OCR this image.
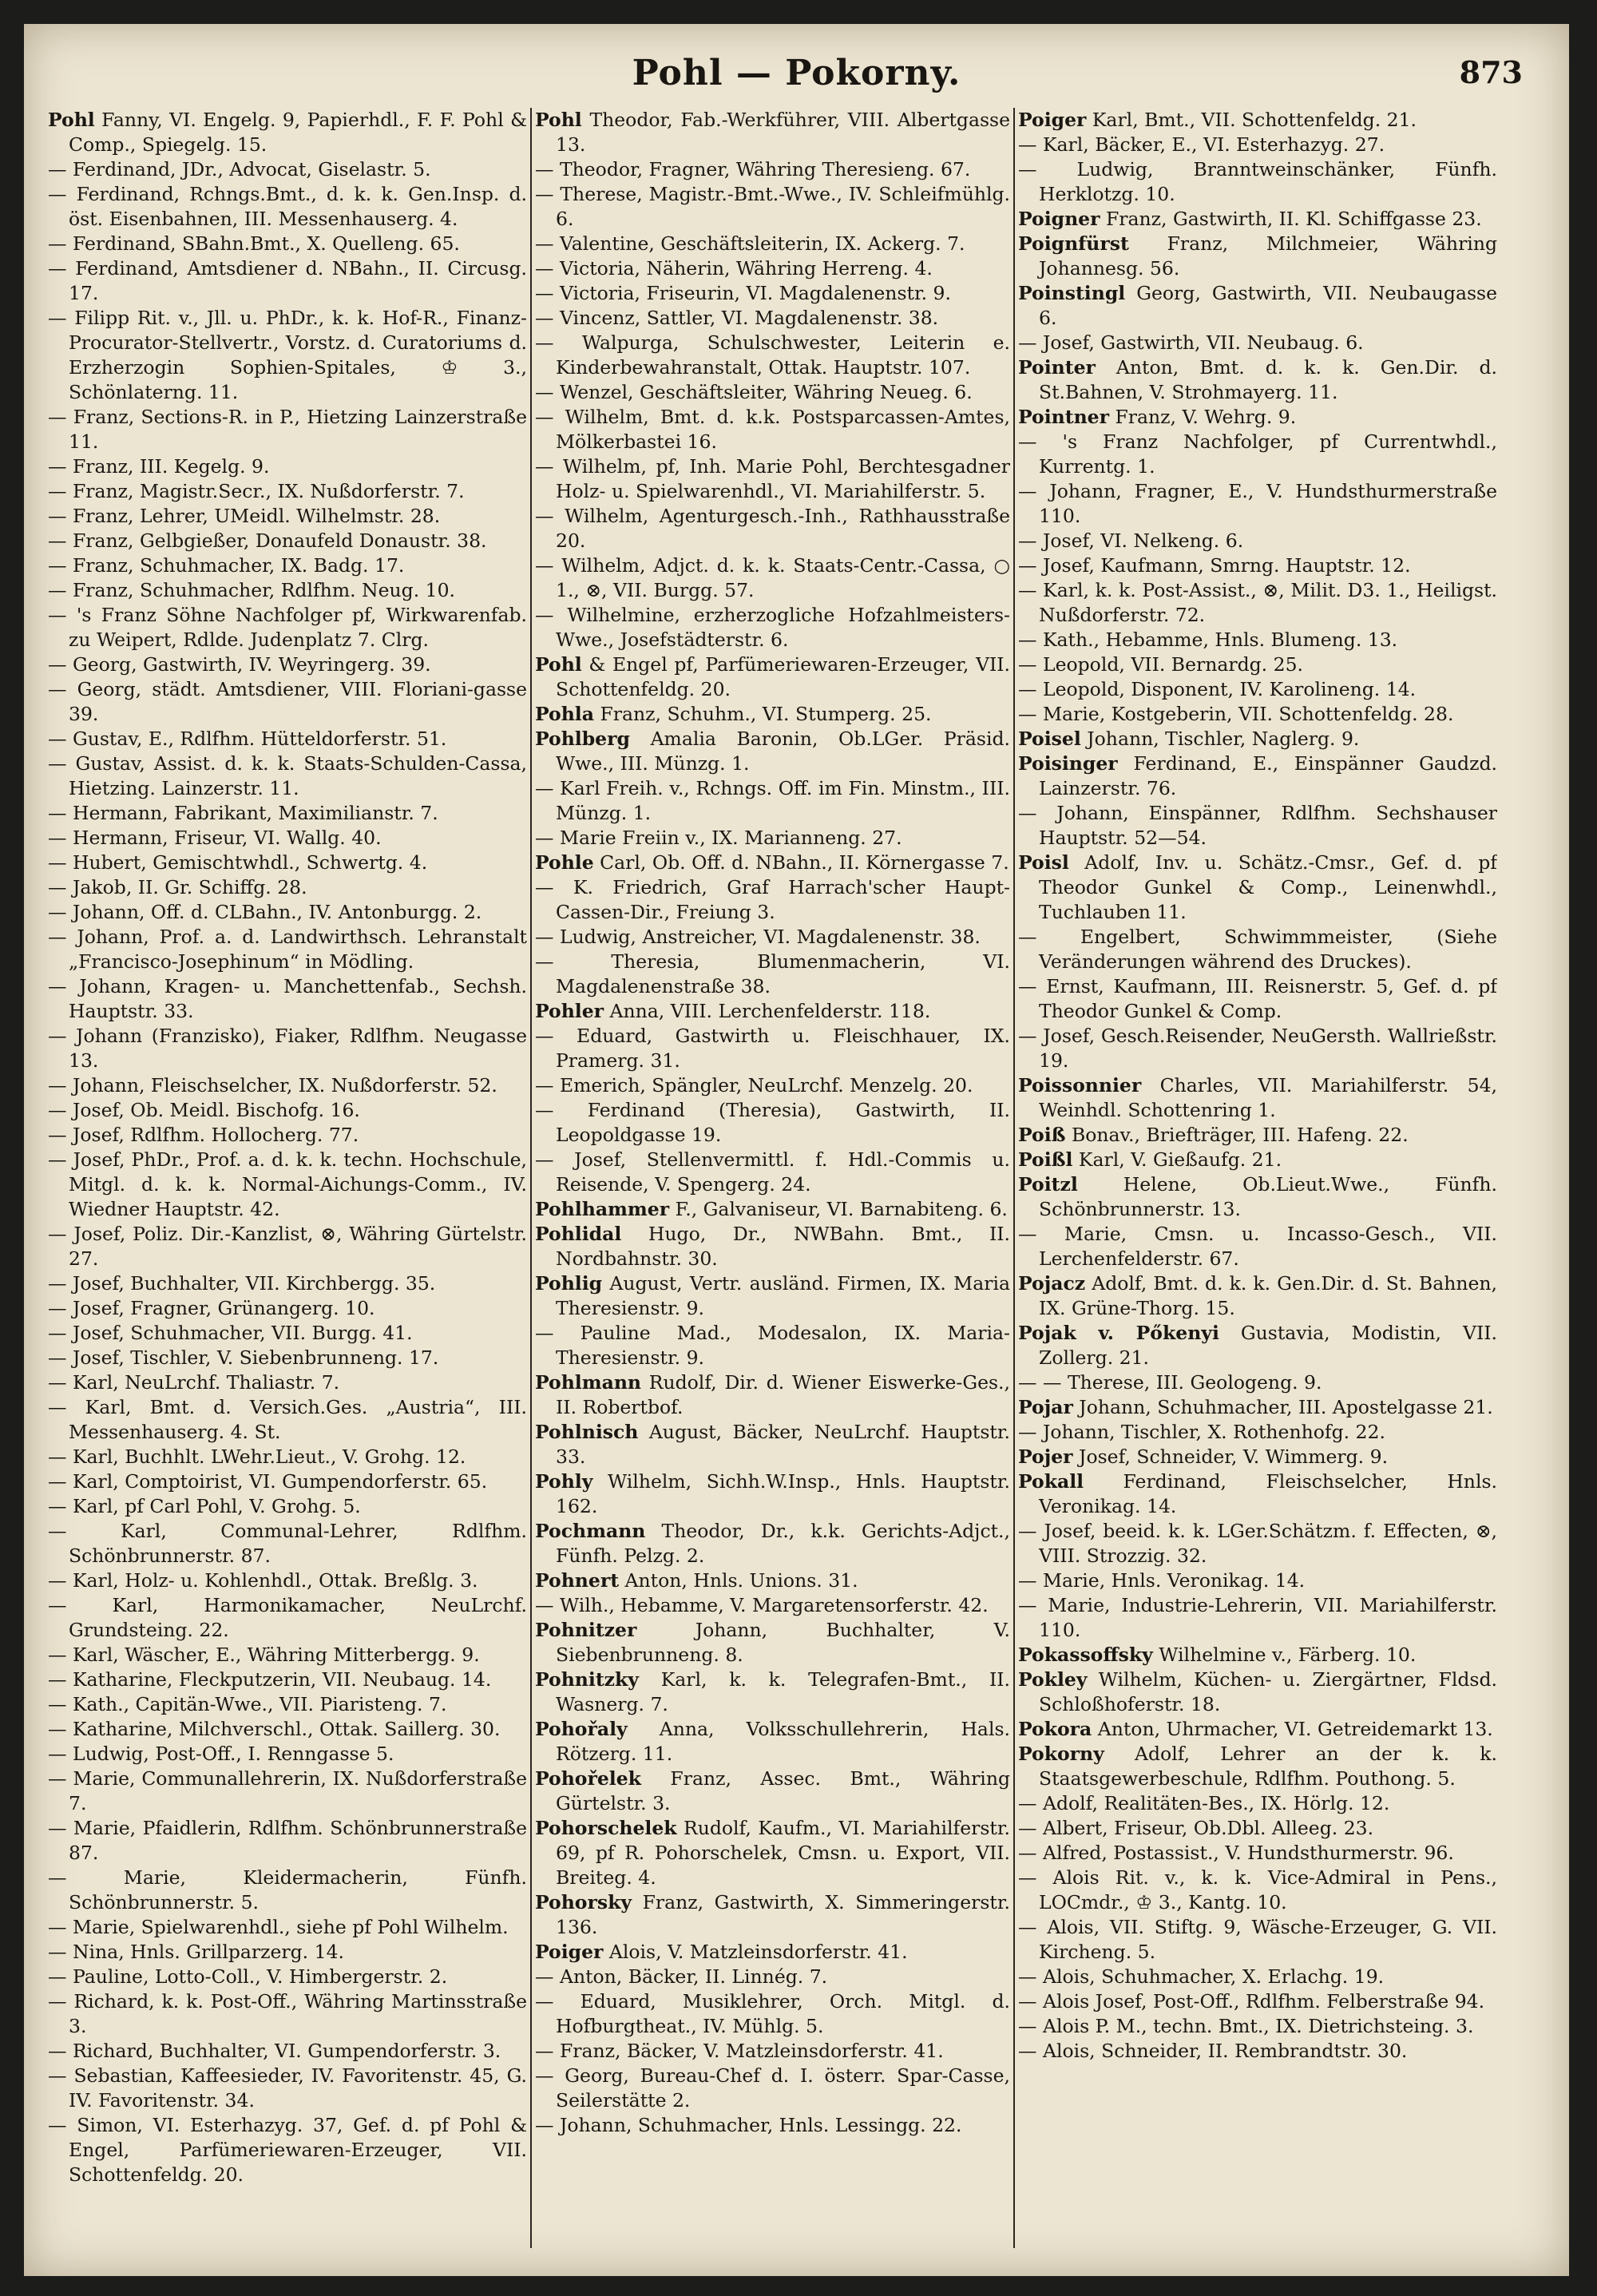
Pohl — Pokorny.	873
Pohl Fanny, VI. Engelg. 9, Papierhdl., F. F. Pohl & Comp., Spiegelg. 15.
— Ferdinand, JDr., Advocat, Giselastr. 5.
— Ferdinand, Rchngs.Bmt., d. k. k. Gen.Insp. d. öst. Eisenbahnen, III. Messenhauserg. 4.
— Ferdinand, SBahn.Bmt., X. Quelleng. 65.
— Ferdinand, Amtsdiener d. NBahn., II. Circusg. 17.
— Filipp Rit. v., Jll. u. PhDr., k. k. Hof-R., Finanz-Procurator-Stellvertr., Vorstz. d. Curatoriums d. Erzherzogin Sophien-Spitales, ♔ 3., Schönlaterng. 11.
— Franz, Sections-R. in P., Hietzing Lainzerstraße 11.
— Franz, III. Kegelg. 9.
— Franz, Magistr.Secr., IX. Nußdorferstr. 7.
— Franz, Lehrer, UMeidl. Wilhelmstr. 28.
— Franz, Gelbgießer, Donaufeld Donaustr. 38.
— Franz, Schuhmacher, IX. Badg. 17.
— Franz, Schuhmacher, Rdlfhm. Neug. 10.
— 's Franz Söhne Nachfolger pf, Wirkwarenfab. zu Weipert, Rdlde. Judenplatz 7. Clrg.
— Georg, Gastwirth, IV. Weyringerg. 39.
— Georg, städt. Amtsdiener, VIII. Floriani-gasse 39.
— Gustav, E., Rdlfhm. Hütteldorferstr. 51.
— Gustav, Assist. d. k. k. Staats-Schulden-Cassa, Hietzing. Lainzerstr. 11.
— Hermann, Fabrikant, Maximilianstr. 7.
— Hermann, Friseur, VI. Wallg. 40.
— Hubert, Gemischtwhdl., Schwertg. 4.
— Jakob, II. Gr. Schiffg. 28.
— Johann, Off. d. CLBahn., IV. Antonburgg. 2.
— Johann, Prof. a. d. Landwirthsch. Lehranstalt „Francisco-Josephinum“ in Mödling.
— Johann, Kragen- u. Manchettenfab., Sechsh. Hauptstr. 33.
— Johann (Franzisko), Fiaker, Rdlfhm. Neugasse 13.
— Johann, Fleischselcher, IX. Nußdorferstr. 52.
— Josef, Ob. Meidl. Bischofg. 16.
— Josef, Rdlfhm. Hollocherg. 77.
— Josef, PhDr., Prof. a. d. k. k. techn. Hochschule, Mitgl. d. k. k. Normal-Aichungs-Comm., IV. Wiedner Hauptstr. 42.
— Josef, Poliz. Dir.-Kanzlist, ⊗, Währing Gürtelstr. 27.
— Josef, Buchhalter, VII. Kirchbergg. 35.
— Josef, Fragner, Grünangerg. 10.
— Josef, Schuhmacher, VII. Burgg. 41.
— Josef, Tischler, V. Siebenbrunneng. 17.
— Karl, NeuLrchf. Thaliastr. 7.
— Karl, Bmt. d. Versich.Ges. „Austria“, III. Messenhauserg. 4. St.
— Karl, Buchhlt. LWehr.Lieut., V. Grohg. 12.
— Karl, Comptoirist, VI. Gumpendorferstr. 65.
— Karl, pf Carl Pohl, V. Grohg. 5.
— Karl, Communal-Lehrer, Rdlfhm. Schönbrunnerstr. 87.
— Karl, Holz- u. Kohlenhdl., Ottak. Breßlg. 3.
— Karl, Harmonikamacher, NeuLrchf. Grundsteing. 22.
— Karl, Wäscher, E., Währing Mitterbergg. 9.
— Katharine, Fleckputzerin, VII. Neubaug. 14.
— Kath., Capitän-Wwe., VII. Piaristeng. 7.
— Katharine, Milchverschl., Ottak. Saillerg. 30.
— Ludwig, Post-Off., I. Renngasse 5.
— Marie, Communallehrerin, IX. Nußdorferstraße 7.
— Marie, Pfaidlerin, Rdlfhm. Schönbrunnerstraße 87.
— Marie, Kleidermacherin, Fünfh. Schönbrunnerstr. 5.
— Marie, Spielwarenhdl., siehe pf Pohl Wilhelm.
— Nina, Hnls. Grillparzerg. 14.
— Pauline, Lotto-Coll., V. Himbergerstr. 2.
— Richard, k. k. Post-Off., Währing Martinsstraße 3.
— Richard, Buchhalter, VI. Gumpendorferstr. 3.
— Sebastian, Kaffeesieder, IV. Favoritenstr. 45, G. IV. Favoritenstr. 34.
— Simon, VI. Esterhazyg. 37, Gef. d. pf Pohl & Engel, Parfümeriewaren-Erzeuger, VII. Schottenfeldg. 20.
Pohl Theodor, Fab.-Werkführer, VIII. Albertgasse 13.
— Theodor, Fragner, Währing Theresieng. 67.
— Therese, Magistr.-Bmt.-Wwe., IV. Schleifmühlg. 6.
— Valentine, Geschäftsleiterin, IX. Ackerg. 7.
— Victoria, Näherin, Währing Herreng. 4.
— Victoria, Friseurin, VI. Magdalenenstr. 9.
— Vincenz, Sattler, VI. Magdalenenstr. 38.
— Walpurga, Schulschwester, Leiterin e. Kinderbewahranstalt, Ottak. Hauptstr. 107.
— Wenzel, Geschäftsleiter, Währing Neueg. 6.
— Wilhelm, Bmt. d. k.k. Postsparcassen-Amtes, Mölkerbastei 16.
— Wilhelm, pf, Inh. Marie Pohl, Berchtesgadner Holz- u. Spielwarenhdl., VI. Mariahilferstr. 5.
— Wilhelm, Agenturgesch.-Inh., Rathhausstraße 20.
— Wilhelm, Adjct. d. k. k. Staats-Centr.-Cassa, ○ 1., ⊗, VII. Burgg. 57.
— Wilhelmine, erzherzogliche Hofzahlmeisters-Wwe., Josefstädterstr. 6.
Pohl & Engel pf, Parfümeriewaren-Erzeuger, VII. Schottenfeldg. 20.
Pohla Franz, Schuhm., VI. Stumperg. 25.
Pohlberg Amalia Baronin, Ob.LGer. Präsid. Wwe., III. Münzg. 1.
— Karl Freih. v., Rchngs. Off. im Fin. Minstm., III. Münzg. 1.
— Marie Freiin v., IX. Marianneng. 27.
Pohle Carl, Ob. Off. d. NBahn., II. Körnergasse 7.
— K. Friedrich, Graf Harrach'scher Haupt-Cassen-Dir., Freiung 3.
— Ludwig, Anstreicher, VI. Magdalenenstr. 38.
— Theresia, Blumenmacherin, VI. Magdalenenstraße 38.
Pohler Anna, VIII. Lerchenfelderstr. 118.
— Eduard, Gastwirth u. Fleischhauer, IX. Pramerg. 31.
— Emerich, Spängler, NeuLrchf. Menzelg. 20.
— Ferdinand (Theresia), Gastwirth, II. Leopoldgasse 19.
— Josef, Stellenvermittl. f. Hdl.-Commis u. Reisende, V. Spengerg. 24.
Pohlhammer F., Galvaniseur, VI. Barnabiteng. 6.
Pohlidal Hugo, Dr., NWBahn. Bmt., II. Nordbahnstr. 30.
Pohlig August, Vertr. ausländ. Firmen, IX. Maria Theresienstr. 9.
— Pauline Mad., Modesalon, IX. Maria-Theresienstr. 9.
Pohlmann Rudolf, Dir. d. Wiener Eiswerke-Ges., II. Robertbof.
Pohlnisch August, Bäcker, NeuLrchf. Hauptstr. 33.
Pohly Wilhelm, Sichh.W.Insp., Hnls. Hauptstr. 162.
Pochmann Theodor, Dr., k.k. Gerichts-Adjct., Fünfh. Pelzg. 2.
Pohnert Anton, Hnls. Unions. 31.
— Wilh., Hebamme, V. Margaretensorferstr. 42.
Pohnitzer Johann, Buchhalter, V. Siebenbrunneng. 8.
Pohnitzky Karl, k. k. Telegrafen-Bmt., II. Wasnerg. 7.
Pohořaly Anna, Volksschullehrerin, Hals. Rötzerg. 11.
Pohořelek Franz, Assec. Bmt., Währing Gürtelstr. 3.
Pohorschelek Rudolf, Kaufm., VI. Mariahilferstr. 69, pf R. Pohorschelek, Cmsn. u. Export, VII. Breiteg. 4.
Pohorsky Franz, Gastwirth, X. Simmeringerstr. 136.
Poiger Alois, V. Matzleinsdorferstr. 41.
— Anton, Bäcker, II. Linnég. 7.
— Eduard, Musiklehrer, Orch. Mitgl. d. Hofburgtheat., IV. Mühlg. 5.
— Franz, Bäcker, V. Matzleinsdorferstr. 41.
— Georg, Bureau-Chef d. I. österr. Spar-Casse, Seilerstätte 2.
— Johann, Schuhmacher, Hnls. Lessingg. 22.
Poiger Karl, Bmt., VII. Schottenfeldg. 21.
— Karl, Bäcker, E., VI. Esterhazyg. 27.
— Ludwig, Branntweinschänker, Fünfh. Herklotzg. 10.
Poigner Franz, Gastwirth, II. Kl. Schiffgasse 23.
Poignfürst Franz, Milchmeier, Währing Johannesg. 56.
Poinstingl Georg, Gastwirth, VII. Neubaugasse 6.
— Josef, Gastwirth, VII. Neubaug. 6.
Pointer Anton, Bmt. d. k. k. Gen.Dir. d. St.Bahnen, V. Strohmayerg. 11.
Pointner Franz, V. Wehrg. 9.
— 's Franz Nachfolger, pf Currentwhdl., Kurrentg. 1.
— Johann, Fragner, E., V. Hundsthurmerstraße 110.
— Josef, VI. Nelkeng. 6.
— Josef, Kaufmann, Smrng. Hauptstr. 12.
— Karl, k. k. Post-Assist., ⊗, Milit. D3. 1., Heiligst. Nußdorferstr. 72.
— Kath., Hebamme, Hnls. Blumeng. 13.
— Leopold, VII. Bernardg. 25.
— Leopold, Disponent, IV. Karolineng. 14.
— Marie, Kostgeberin, VII. Schottenfeldg. 28.
Poisel Johann, Tischler, Naglerg. 9.
Poisinger Ferdinand, E., Einspänner Gaudzd. Lainzerstr. 76.
— Johann, Einspänner, Rdlfhm. Sechshauser Hauptstr. 52—54.
Poisl Adolf, Inv. u. Schätz.-Cmsr., Gef. d. pf Theodor Gunkel & Comp., Leinenwhdl., Tuchlauben 11.
— Engelbert, Schwimmmeister, (Siehe Veränderungen während des Druckes).
— Ernst, Kaufmann, III. Reisnerstr. 5, Gef. d. pf Theodor Gunkel & Comp.
— Josef, Gesch.Reisender, NeuGersth. Wallrießstr. 19.
Poissonnier Charles, VII. Mariahilferstr. 54, Weinhdl. Schottenring 1.
Poiß Bonav., Briefträger, III. Hafeng. 22.
Poißl Karl, V. Gießaufg. 21.
Poitzl Helene, Ob.Lieut.Wwe., Fünfh. Schönbrunnerstr. 13.
— Marie, Cmsn. u. Incasso-Gesch., VII. Lerchenfelderstr. 67.
Pojacz Adolf, Bmt. d. k. k. Gen.Dir. d. St. Bahnen, IX. Grüne-Thorg. 15.
Pojak v. Pőkenyi Gustavia, Modistin, VII. Zollerg. 21.
— — Therese, III. Geologeng. 9.
Pojar Johann, Schuhmacher, III. Apostelgasse 21.
— Johann, Tischler, X. Rothenhofg. 22.
Pojer Josef, Schneider, V. Wimmerg. 9.
Pokall Ferdinand, Fleischselcher, Hnls. Veronikag. 14.
— Josef, beeid. k. k. LGer.Schätzm. f. Effecten, ⊗, VIII. Strozzig. 32.
— Marie, Hnls. Veronikag. 14.
— Marie, Industrie-Lehrerin, VII. Mariahilferstr. 110.
Pokassoffsky Wilhelmine v., Färberg. 10.
Pokley Wilhelm, Küchen- u. Ziergärtner, Fldsd. Schloßhoferstr. 18.
Pokora Anton, Uhrmacher, VI. Getreidemarkt 13.
Pokorny Adolf, Lehrer an der k. k. Staatsgewerbeschule, Rdlfhm. Pouthong. 5.
— Adolf, Realitäten-Bes., IX. Hörlg. 12.
— Albert, Friseur, Ob.Dbl. Alleeg. 23.
— Alfred, Postassist., V. Hundsthurmerstr. 96.
— Alois Rit. v., k. k. Vice-Admiral in Pens., LOCmdr., ♔ 3., Kantg. 10.
— Alois, VII. Stiftg. 9, Wäsche-Erzeuger, G. VII. Kircheng. 5.
— Alois, Schuhmacher, X. Erlachg. 19.
— Alois Josef, Post-Off., Rdlfhm. Felberstraße 94.
— Alois P. M., techn. Bmt., IX. Dietrichsteing. 3.
— Alois, Schneider, II. Rembrandtstr. 30.
